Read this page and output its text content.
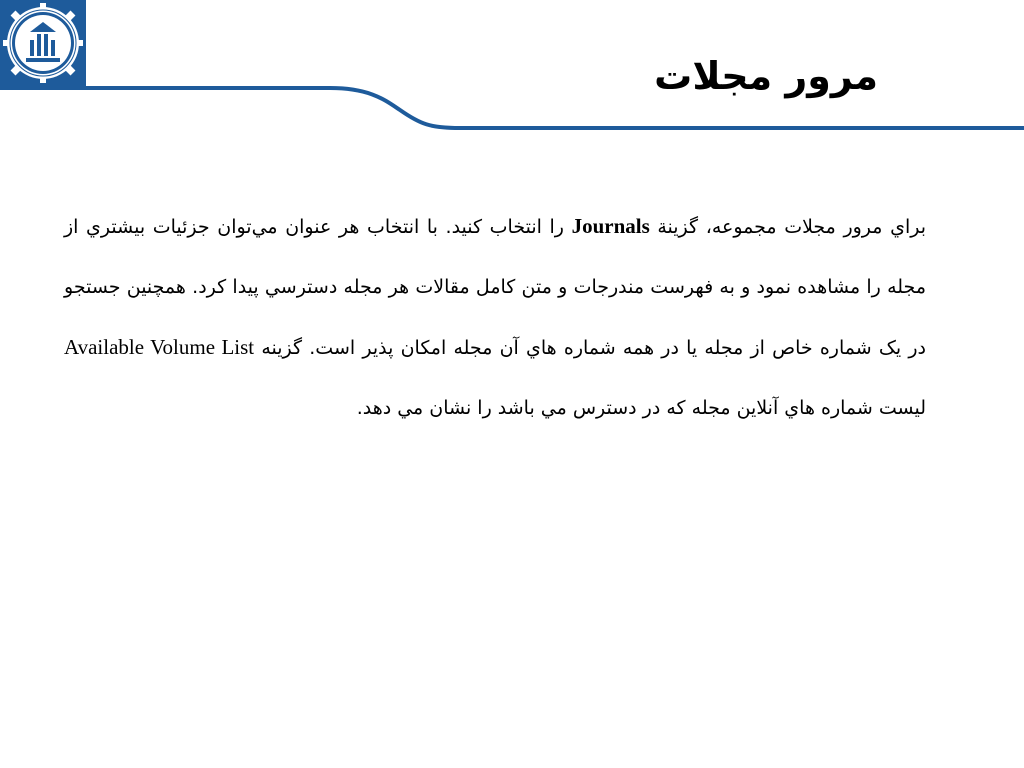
مرور مجلات

براي مرور مجلات مجموعه، گزينة Journals را انتخاب کنيد. با انتخاب هر عنوان مي‌توان جزئيات بيشتري از مجله را مشاهده نمود و به فهرست مندرجات و متن کامل مقالات هر مجله دسترسي پيدا کرد. همچنين جستجو در يک شماره خاص از مجله يا در همه شماره هاي آن مجله امکان پذير است. گزينه Available Volume List ليست شماره هاي آنلاين مجله که در دسترس مي باشد را نشان مي دهد.
